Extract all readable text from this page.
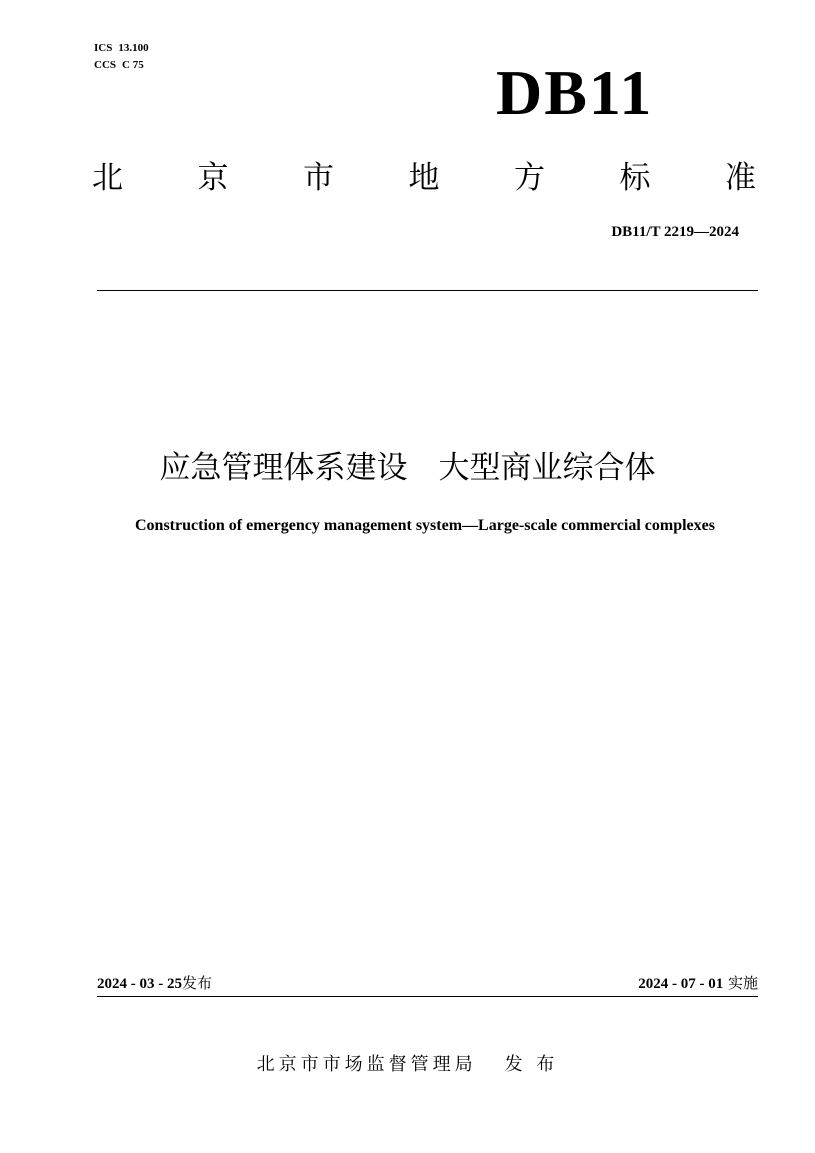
ICS 13.100
CCS C 75	DB11
北 京 市 地 方 标 准
DB11/T 2219—2024
应急管理体系建设　大型商业综合体
Construction of emergency management system—Large-scale commercial complexes
2024 - 03 - 25发布	2024 - 07 - 01 实施
北京市市场监督管理局 发 布
